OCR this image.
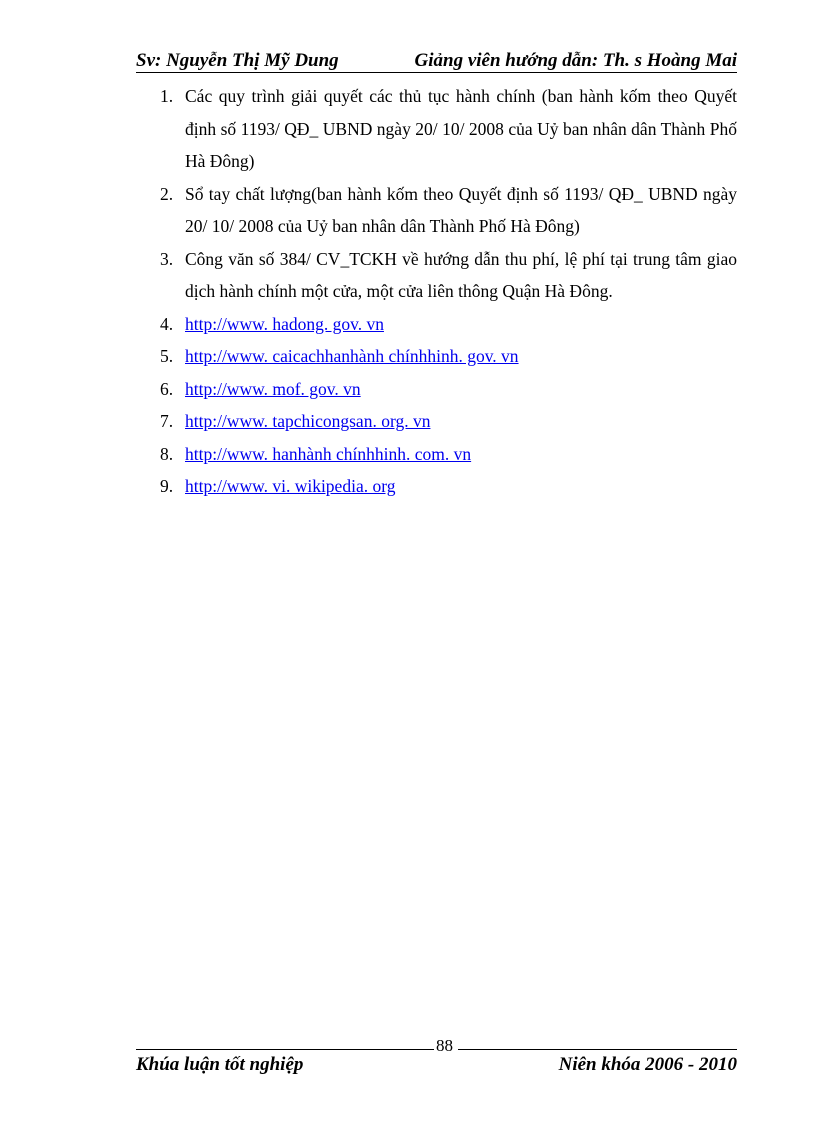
Sv: Nguyễn Thị Mỹ Dung	Giảng viên hướng dẫn: Th. s Hoàng Mai
1. Các quy trình giải quyết các thủ tục hành chính (ban hành kốm theo Quyết định số 1193/ QĐ_ UBND ngày 20/ 10/ 2008 của Uỷ ban nhân dân Thành Phố Hà Đông)
2. Sổ tay chất lượng(ban hành kốm theo Quyết định số 1193/ QĐ_ UBND ngày 20/ 10/ 2008 của Uỷ ban nhân dân Thành Phố Hà Đông)
3. Công văn số 384/ CV_TCKH về hướng dẫn thu phí, lệ phí tại trung tâm giao dịch hành chính một cửa, một cửa liên thông Quận Hà Đông.
4. http://www. hadong. gov. vn
5. http://www. caicachhanhành chínhhinh. gov. vn
6. http://www. mof. gov. vn
7. http://www. tapchicongsan. org. vn
8. http://www. hanhành chínhhinh. com. vn
9. http://www. vi. wikipedia. org
88
Khúa luận tốt nghiệp	Niên khóa 2006 - 2010
